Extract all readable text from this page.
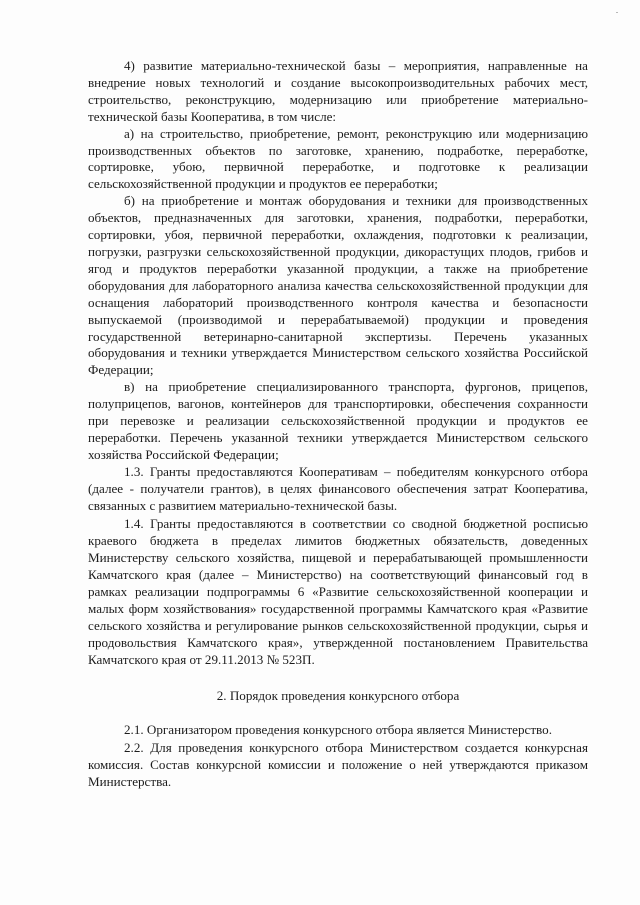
4) развитие материально-технической базы – мероприятия, направленные на внедрение новых технологий и создание высокопроизводительных рабочих мест, строительство, реконструкцию, модернизацию или приобретение материально-технической базы Кооператива, в том числе:

а) на строительство, приобретение, ремонт, реконструкцию или модернизацию производственных объектов по заготовке, хранению, подработке, переработке, сортировке, убою, первичной переработке, и подготовке к реализации сельскохозяйственной продукции и продуктов ее переработки;

б) на приобретение и монтаж оборудования и техники для производственных объектов, предназначенных для заготовки, хранения, подработки, переработки, сортировки, убоя, первичной переработки, охлаждения, подготовки к реализации, погрузки, разгрузки сельскохозяйственной продукции, дикорастущих плодов, грибов и ягод и продуктов переработки указанной продукции, а также на приобретение оборудования для лабораторного анализа качества сельскохозяйственной продукции для оснащения лабораторий производственного контроля качества и безопасности выпускаемой (производимой и перерабатываемой) продукции и проведения государственной ветеринарно-санитарной экспертизы. Перечень указанных оборудования и техники утверждается Министерством сельского хозяйства Российской Федерации;

в) на приобретение специализированного транспорта, фургонов, прицепов, полуприцепов, вагонов, контейнеров для транспортировки, обеспечения сохранности при перевозке и реализации сельскохозяйственной продукции и продуктов ее переработки. Перечень указанной техники утверждается Министерством сельского хозяйства Российской Федерации;

1.3. Гранты предоставляются Кооперативам – победителям конкурсного отбора (далее - получатели грантов), в целях финансового обеспечения затрат Кооператива, связанных с развитием материально-технической базы.

1.4. Гранты предоставляются в соответствии со сводной бюджетной росписью краевого бюджета в пределах лимитов бюджетных обязательств, доведенных Министерству сельского хозяйства, пищевой и перерабатывающей промышленности Камчатского края (далее – Министерство) на соответствующий финансовый год в рамках реализации подпрограммы 6 «Развитие сельскохозяйственной кооперации и малых форм хозяйствования» государственной программы Камчатского края «Развитие сельского хозяйства и регулирование рынков сельскохозяйственной продукции, сырья и продовольствия Камчатского края», утвержденной постановлением Правительства Камчатского края от 29.11.2013 № 523П.

2. Порядок проведения конкурсного отбора

2.1. Организатором проведения конкурсного отбора является Министерство.

2.2. Для проведения конкурсного отбора Министерством создается конкурсная комиссия. Состав конкурсной комиссии и положение о ней утверждаются приказом Министерства.
